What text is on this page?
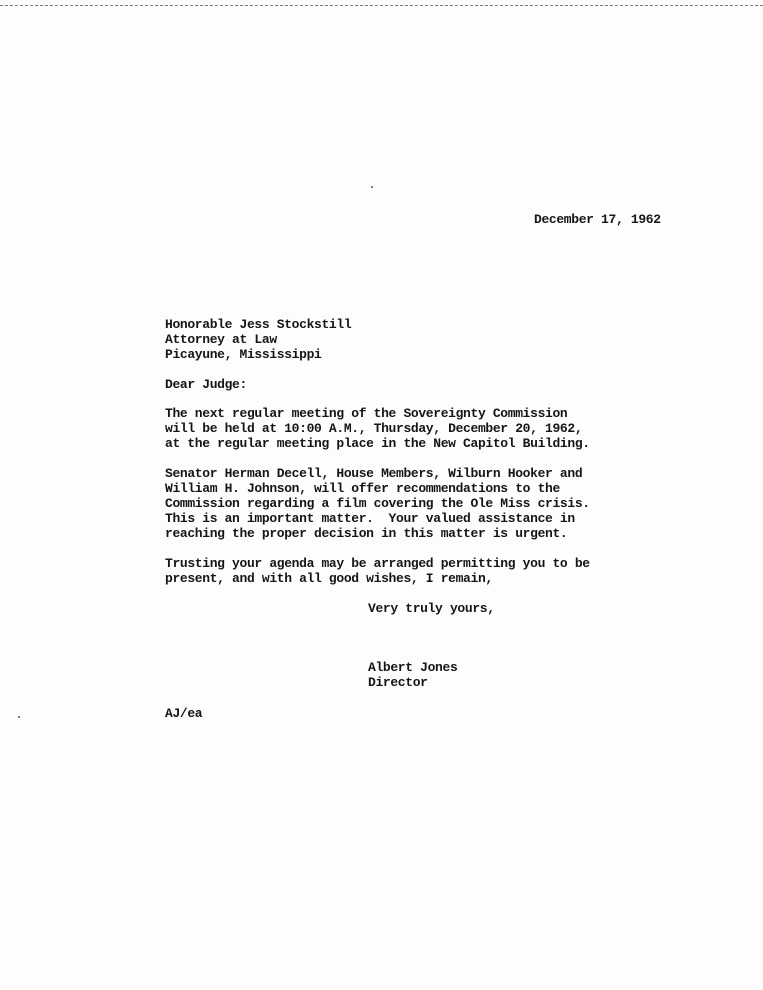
December 17, 1962
Honorable Jess Stockstill
Attorney at Law
Picayune, Mississippi
Dear Judge:
The next regular meeting of the Sovereignty Commission
will be held at 10:00 A.M., Thursday, December 20, 1962,
at the regular meeting place in the New Capitol Building.
Senator Herman Decell, House Members, Wilburn Hooker and
William H. Johnson, will offer recommendations to the
Commission regarding a film covering the Ole Miss crisis.
This is an important matter.  Your valued assistance in
reaching the proper decision in this matter is urgent.
Trusting your agenda may be arranged permitting you to be
present, and with all good wishes, I remain,
Very truly yours,
Albert Jones
Director
AJ/ea
